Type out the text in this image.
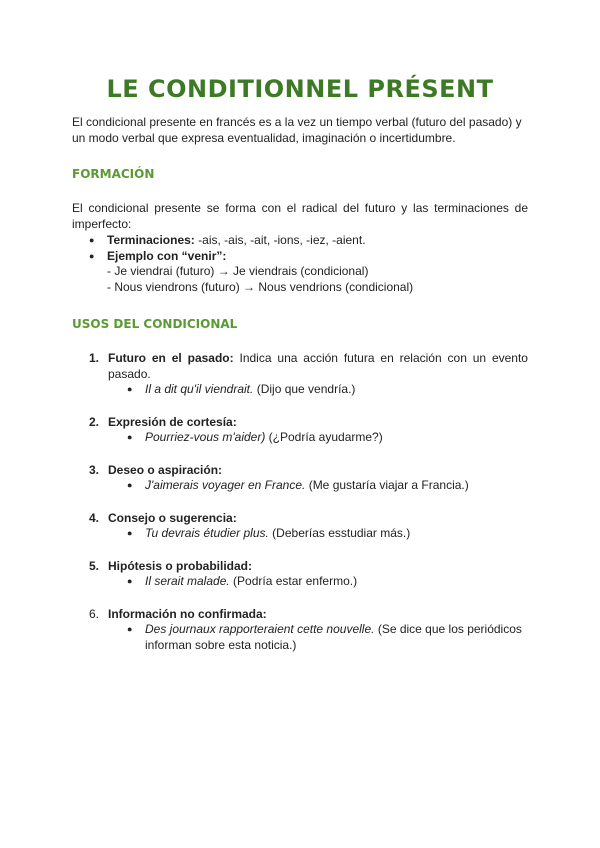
LE CONDITIONNEL PRÉSENT

El condicional presente en francés es a la vez un tiempo verbal (futuro del pasado) y un modo verbal que expresa eventualidad, imaginación o incertidumbre.

FORMACIÓN

El condicional presente se forma con el radical del futuro y las terminaciones de imperfecto:

● Terminaciones: -ais, -ais, -ait, -ions, -iez, -aient.
● Ejemplo con “venir”:
- Je viendrai (futuro) → Je viendrais (condicional)
- Nous viendrons (futuro) → Nous vendrions (condicional)
USOS DEL CONDICIONAL
1. Futuro en el pasado: Indica una acción futura en relación con un evento pasado.
● Il a dit qu'il viendrait. (Dijo que vendría.)
2. Expresión de cortesía:
● Pourriez-vous m'aider) (¿Podría ayudarme?)
3. Deseo o aspiración:
● J'aimerais voyager en France. (Me gustaría viajar a Francia.)
4. Consejo o sugerencia:
● Tu devrais étudier plus. (Deberías esstudiar más.)
5. Hipótesis o probabilidad:
● Il serait malade. (Podría estar enfermo.)
6. Información no confirmada:
● Des journaux rapporteraient cette nouvelle. (Se dice que los periódicos informan sobre esta noticia.)
